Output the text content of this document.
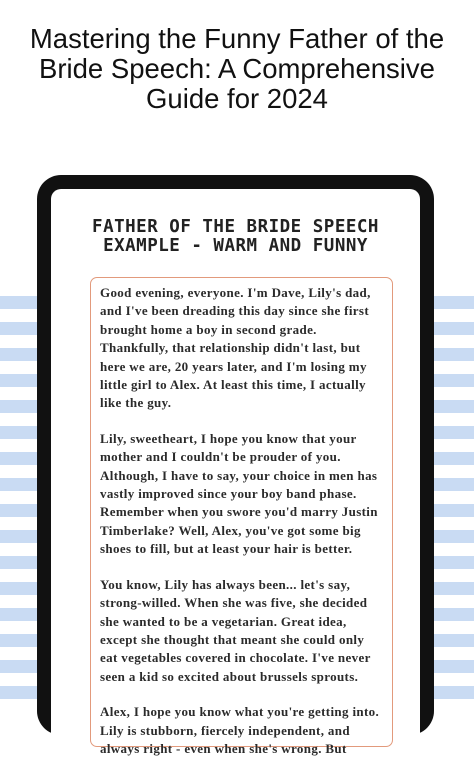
Mastering the Funny Father of the Bride Speech: A Comprehensive Guide for 2024
FATHER OF THE BRIDE SPEECH EXAMPLE - WARM AND FUNNY

Good evening, everyone. I'm Dave, Lily's dad, and I've been dreading this day since she first brought home a boy in second grade. Thankfully, that relationship didn't last, but here we are, 20 years later, and I'm losing my little girl to Alex. At least this time, I actually like the guy.

Lily, sweetheart, I hope you know that your mother and I couldn't be prouder of you. Although, I have to say, your choice in men has vastly improved since your boy band phase. Remember when you swore you'd marry Justin Timberlake? Well, Alex, you've got some big shoes to fill, but at least your hair is better.

You know, Lily has always been... let's say, strong-willed. When she was five, she decided she wanted to be a vegetarian. Great idea, except she thought that meant she could only eat vegetables covered in chocolate. I've never seen a kid so excited about brussels sprouts.

Alex, I hope you know what you're getting into. Lily is stubborn, fiercely independent, and always right - even when she's wrong. But
